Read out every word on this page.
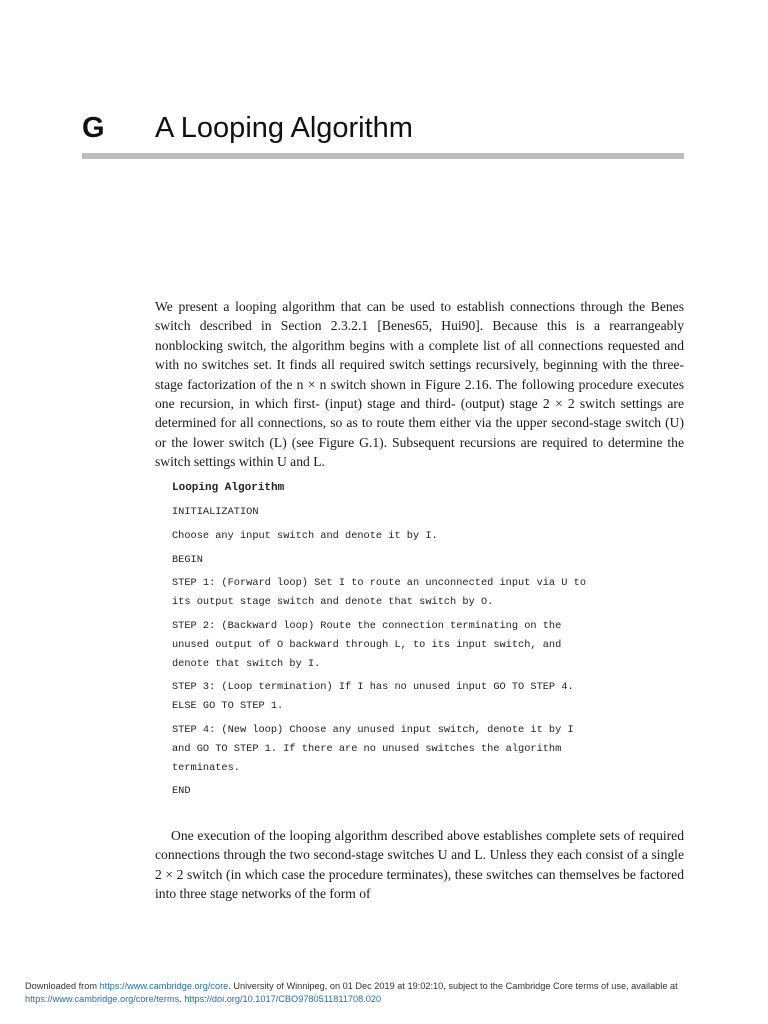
G A Looping Algorithm

We present a looping algorithm that can be used to establish connections through the Benes switch described in Section 2.3.2.1 [Benes65, Hui90]. Because this is a rearrangeably nonblocking switch, the algorithm begins with a complete list of all connections requested and with no switches set. It finds all required switch settings recursively, beginning with the three-stage factorization of the n × n switch shown in Figure 2.16. The following procedure executes one recursion, in which first- (input) stage and third- (output) stage 2 × 2 switch settings are determined for all connections, so as to route them either via the upper second-stage switch (U) or the lower switch (L) (see Figure G.1). Subsequent recursions are required to determine the switch settings within U and L.

Looping Algorithm
INITIALIZATION
Choose any input switch and denote it by I.
BEGIN
STEP 1: (Forward loop) Set I to route an unconnected input via U to
its output stage switch and denote that switch by O.
STEP 2: (Backward loop) Route the connection terminating on the
unused output of O backward through L, to its input switch, and
denote that switch by I.
STEP 3: (Loop termination) If I has no unused input GO TO STEP 4.
ELSE GO TO STEP 1.
STEP 4: (New loop) Choose any unused input switch, denote it by I
and GO TO STEP 1. If there are no unused switches the algorithm
terminates.
END

One execution of the looping algorithm described above establishes complete sets of required connections through the two second-stage switches U and L. Unless they each consist of a single 2 × 2 switch (in which case the procedure terminates), these switches can themselves be factored into three stage networks of the form of

Downloaded from https://www.cambridge.org/core. University of Winnipeg, on 01 Dec 2019 at 19:02:10, subject to the Cambridge Core terms of use, available at
https://www.cambridge.org/core/terms. https://doi.org/10.1017/CBO9780511811708.020
